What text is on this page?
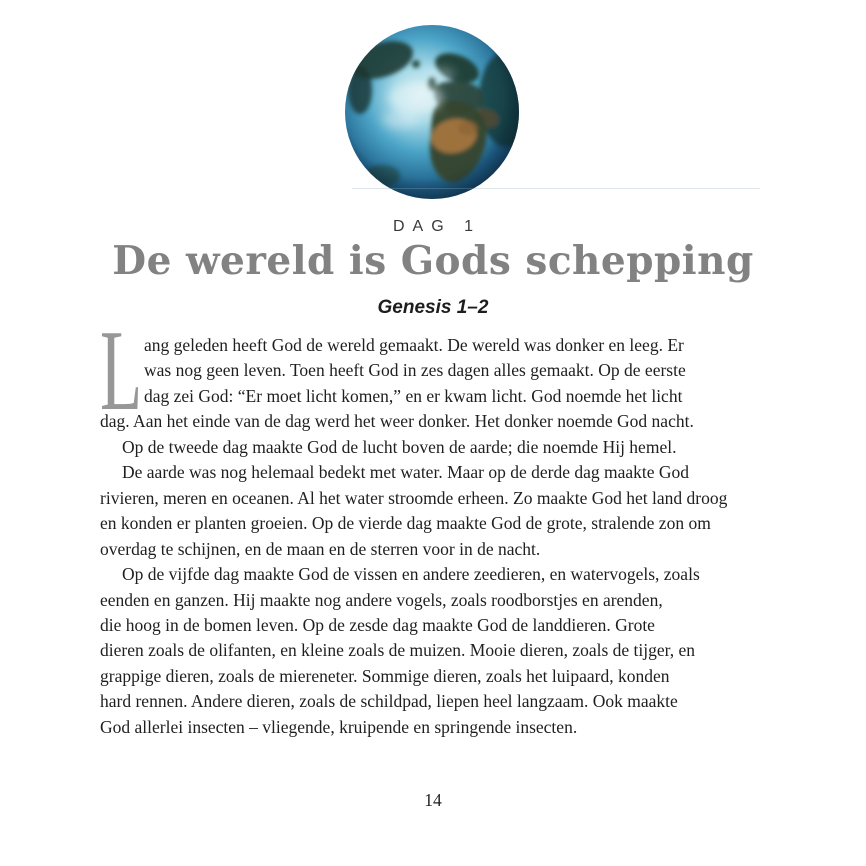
DAG 1
De wereld is Gods schepping
Genesis 1–2
L ang geleden heeft God de wereld gemaakt. De wereld was donker en leeg. Er
was nog geen leven. Toen heeft God in zes dagen alles gemaakt. Op de eerste
dag zei God: “Er moet licht komen,” en er kwam licht. God noemde het licht
dag. Aan het einde van de dag werd het weer donker. Het donker noemde God nacht.
Op de tweede dag maakte God de lucht boven de aarde; die noemde Hij hemel.
De aarde was nog helemaal bedekt met water. Maar op de derde dag maakte God
rivieren, meren en oceanen. Al het water stroomde erheen. Zo maakte God het land droog
en konden er planten groeien. Op de vierde dag maakte God de grote, stralende zon om
overdag te schijnen, en de maan en de sterren voor in de nacht.
Op de vijfde dag maakte God de vissen en andere zeedieren, en watervogels, zoals
eenden en ganzen. Hij maakte nog andere vogels, zoals roodborstjes en arenden,
die hoog in de bomen leven. Op de zesde dag maakte God de landdieren. Grote
dieren zoals de olifanten, en kleine zoals de muizen. Mooie dieren, zoals de tijger, en
grappige dieren, zoals de miereneter. Sommige dieren, zoals het luipaard, konden
hard rennen. Andere dieren, zoals de schildpad, liepen heel langzaam. Ook maakte
God allerlei insecten – vliegende, kruipende en springende insecten.
14
